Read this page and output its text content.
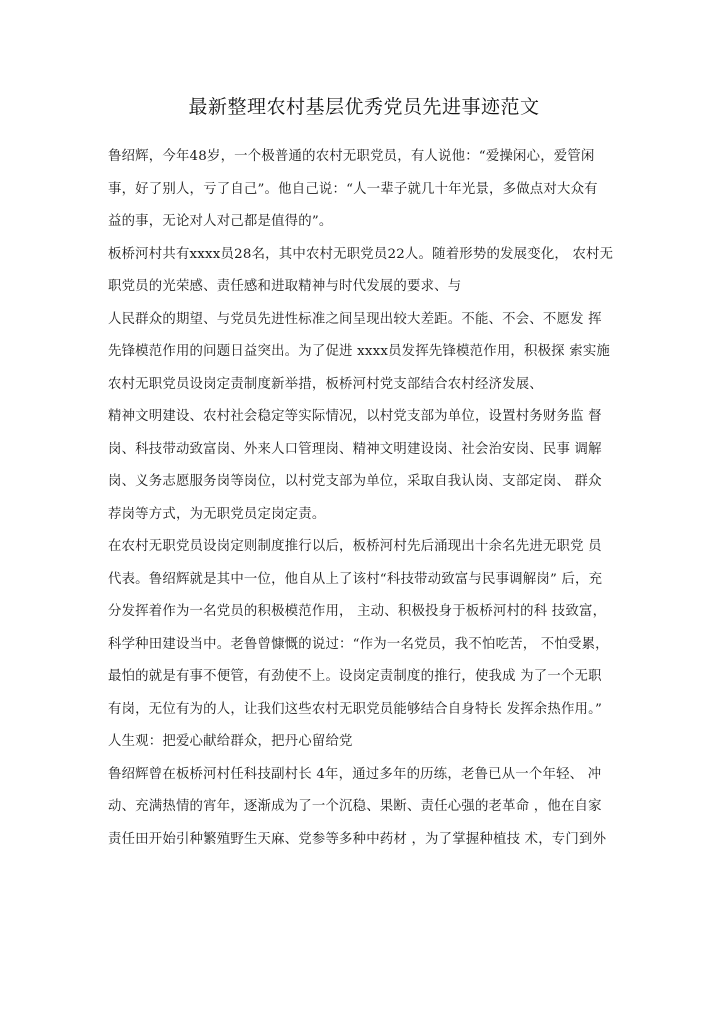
最新整理农村基层优秀党员先进事迹范文

鲁绍辉，今年48岁，一个极普通的农村无职党员，有人说他：“爱操闲心，爱管闲
事，好了别人，亏了自己”。他自己说：“人一辈子就几十年光景，多做点对大众有
益的事，无论对人对己都是值得的”。

板桥河村共有xxxx员28名，其中农村无职党员22人。随着形势的发展变化， 农村无
职党员的光荣感、责任感和进取精神与时代发展的要求、与

人民群众的期望、与党员先进性标准之间呈现出较大差距。不能、不会、不愿发 挥
先锋模范作用的问题日益突出。为了促进 xxxx员发挥先锋模范作用，积极探 索实施
农村无职党员设岗定责制度新举措，板桥河村党支部结合农村经济发展、

精神文明建设、农村社会稳定等实际情况，以村党支部为单位，设置村务财务监 督
岗、科技带动致富岗、外来人口管理岗、精神文明建设岗、社会治安岗、民事 调解
岗、义务志愿服务岗等岗位，以村党支部为单位，采取自我认岗、支部定岗、 群众
荐岗等方式，为无职党员定岗定责。

在农村无职党员设岗定则制度推行以后，板桥河村先后涌现出十余名先进无职党 员
代表。鲁绍辉就是其中一位，他自从上了该村“科技带动致富与民事调解岗” 后，充
分发挥着作为一名党员的积极模范作用， 主动、积极投身于板桥河村的科 技致富，
科学种田建设当中。老鲁曾慷慨的说过：“作为一名党员，我不怕吃苦， 不怕受累，
最怕的就是有事不便管，有劲使不上。设岗定责制度的推行，使我成 为了一个无职
有岗，无位有为的人，让我们这些农村无职党员能够结合自身特长 发挥余热作用。”

人生观：把爱心献给群众，把丹心留给党

鲁绍辉曾在板桥河村任科技副村长 4年，通过多年的历练，老鲁已从一个年轻、 冲
动、充满热情的宵年，逐渐成为了一个沉稳、果断、责任心强的老革命 ，他在自家
责任田开始引种繁殖野生天麻、党参等多种中药材 ，为了掌握种植技 术，专门到外
